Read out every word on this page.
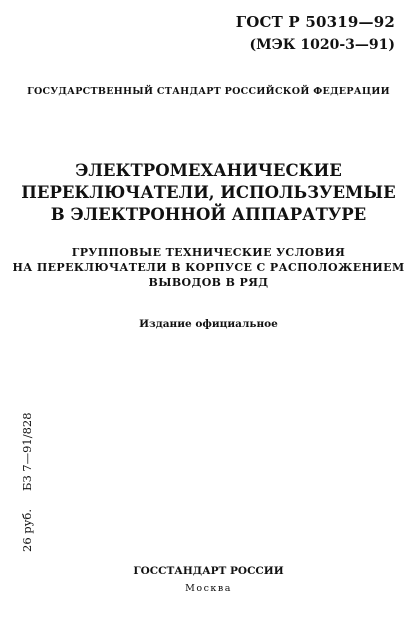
ГОСТ Р 50319—92
(МЭК 1020-3—91)
ГОСУДАРСТВЕННЫЙ СТАНДАРТ РОССИЙСКОЙ ФЕДЕРАЦИИ
ЭЛЕКТРОМЕХАНИЧЕСКИЕ
ПЕРЕКЛЮЧАТЕЛИ, ИСПОЛЬЗУЕМЫЕ
В ЭЛЕКТРОННОЙ АППАРАТУРЕ
ГРУППОВЫЕ ТЕХНИЧЕСКИЕ УСЛОВИЯ
НА ПЕРЕКЛЮЧАТЕЛИ В КОРПУСЕ С РАСПОЛОЖЕНИЕМ
ВЫВОДОВ В РЯД
Издание официальное
26 руб.БЗ 7—91/828
ГОССТАНДАРТ РОССИИ
Москва
